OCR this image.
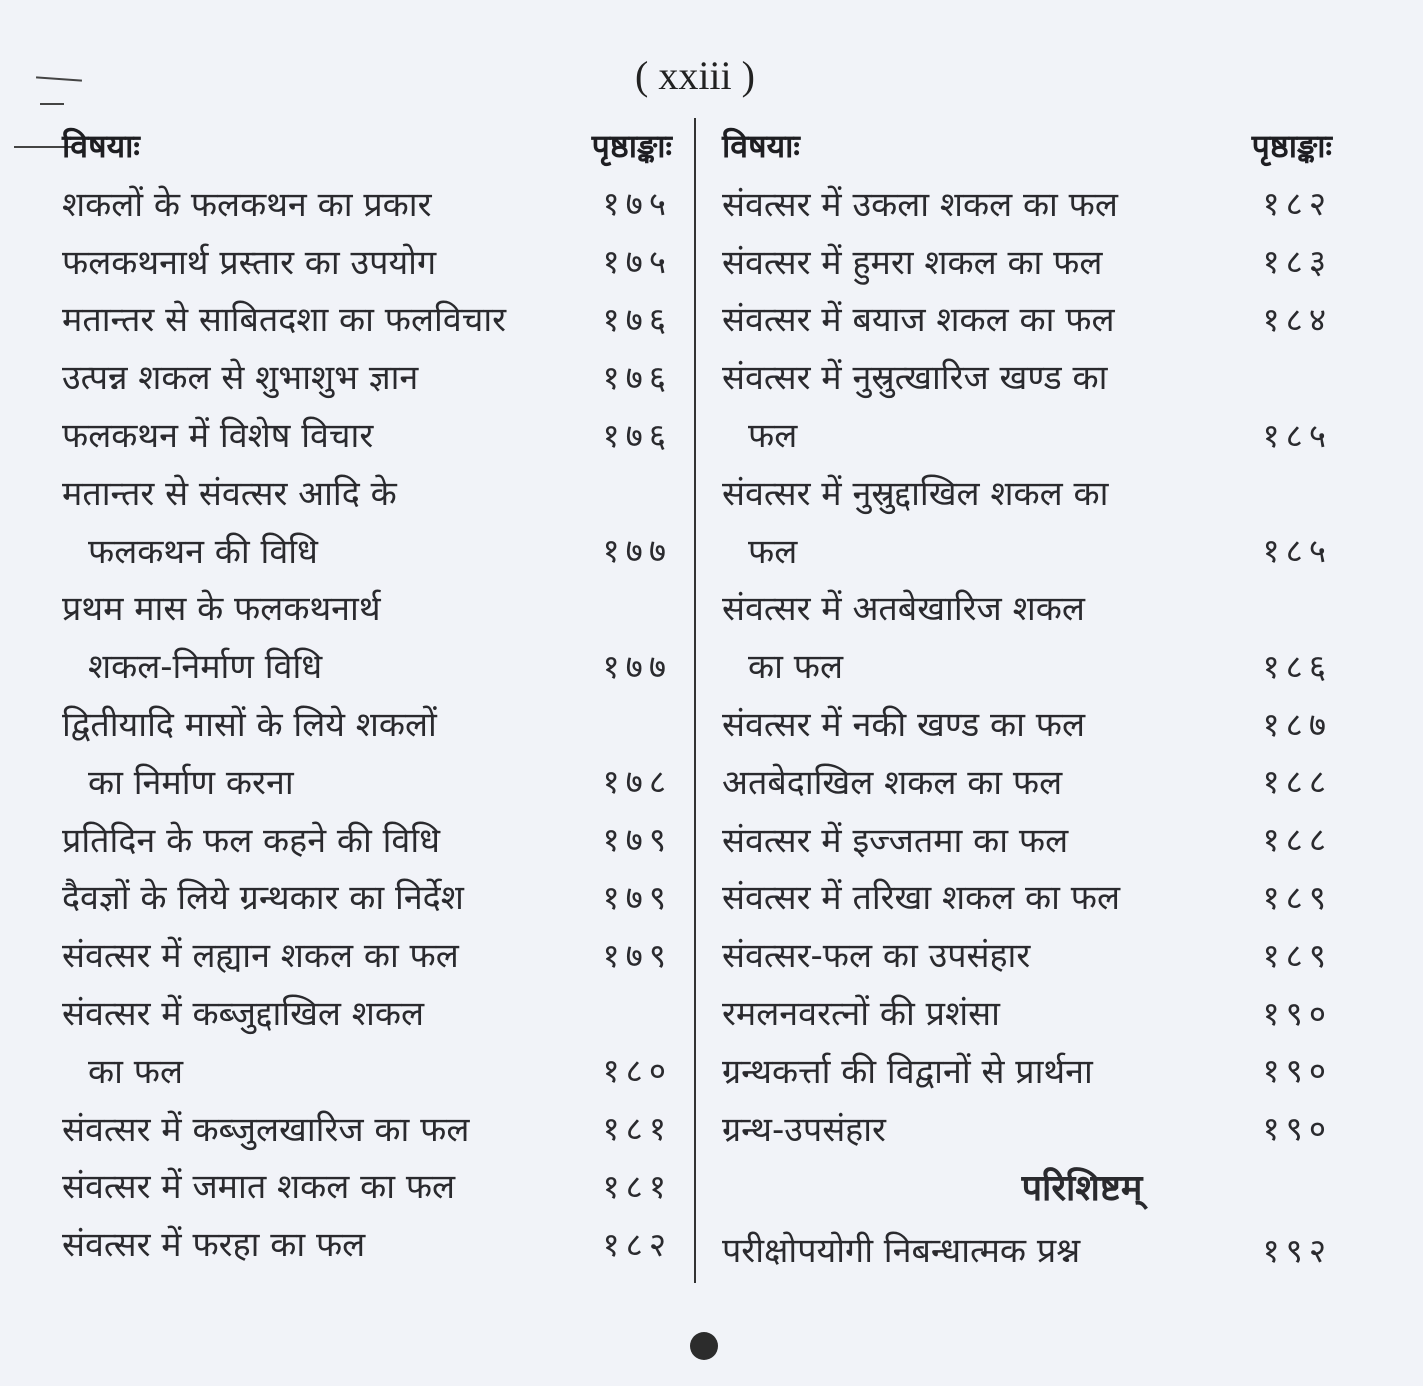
( xxiii )
विषयाः	पृष्ठाङ्काः
शकलों के फलकथन का प्रकार	१७५
फलकथनार्थ प्रस्तार का उपयोग	१७५
मतान्तर से साबितदशा का फलविचार	१७६
उत्पन्न शकल से शुभाशुभ ज्ञान	१७६
फलकथन में विशेष विचार	१७६
मतान्तर से संवत्सर आदि के
फलकथन की विधि	१७७
प्रथम मास के फलकथनार्थ
शकल-निर्माण विधि	१७७
द्वितीयादि मासों के लिये शकलों
का निर्माण करना	१७८
प्रतिदिन के फल कहने की विधि	१७९
दैवज्ञों के लिये ग्रन्थकार का निर्देश	१७९
संवत्सर में लह्यान शकल का फल	१७९
संवत्सर में कब्जुद्दाखिल शकल
का फल	१८०
संवत्सर में कब्जुलखारिज का फल	१८१
संवत्सर में जमात शकल का फल	१८१
संवत्सर में फरहा का फल	१८२
विषयाः	पृष्ठाङ्काः
संवत्सर में उकला शकल का फल	१८२
संवत्सर में हुमरा शकल का फल	१८३
संवत्सर में बयाज शकल का फल	१८४
संवत्सर में नुस्रुत्खारिज खण्ड का
फल	१८५
संवत्सर में नुस्रुद्दाखिल शकल का
फल	१८५
संवत्सर में अतबेखारिज शकल
का फल	१८६
संवत्सर में नकी खण्ड का फल	१८७
अतबेदाखिल शकल का फल	१८८
संवत्सर में इज्जतमा का फल	१८८
संवत्सर में तरिखा शकल का फल	१८९
संवत्सर-फल का उपसंहार	१८९
रमलनवरत्नों की प्रशंसा	१९०
ग्रन्थकर्त्ता की विद्वानों से प्रार्थना	१९०
ग्रन्थ-उपसंहार	१९०
परिशिष्टम्
परीक्षोपयोगी निबन्धात्मक प्रश्न	१९२
